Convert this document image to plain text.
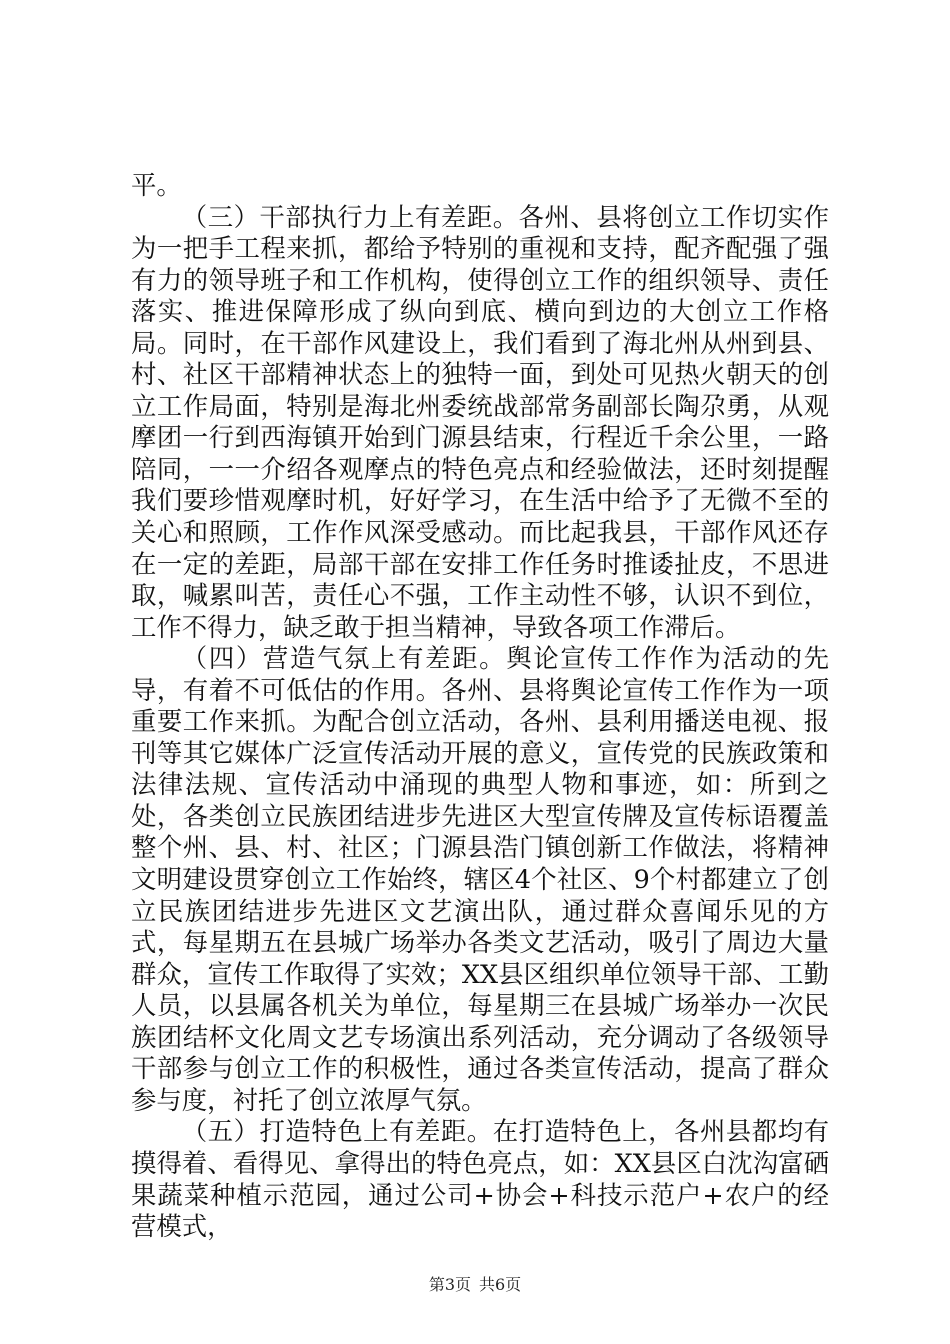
平。

（三）干部执行力上有差距。各州、县将创立工作切实作为一把手工程来抓，都给予特别的重视和支持，配齐配强了强有力的领导班子和工作机构，使得创立工作的组织领导、责任落实、推进保障形成了纵向到底、横向到边的大创立工作格局。同时，在干部作风建设上，我们看到了海北州从州到县、村、社区干部精神状态上的独特一面，到处可见热火朝天的创立工作局面，特别是海北州委统战部常务副部长陶尕勇，从观摩团一行到西海镇开始到门源县结束，行程近千余公里，一路陪同，一一介绍各观摩点的特色亮点和经验做法，还时刻提醒我们要珍惜观摩时机，好好学习，在生活中给予了无微不至的关心和照顾，工作作风深受感动。而比起我县，干部作风还存在一定的差距，局部干部在安排工作任务时推诿扯皮，不思进取，喊累叫苦，责任心不强，工作主动性不够，认识不到位，工作不得力，缺乏敢于担当精神，导致各项工作滞后。

（四）营造气氛上有差距。舆论宣传工作作为活动的先导，有着不可低估的作用。各州、县将舆论宣传工作作为一项重要工作来抓。为配合创立活动，各州、县利用播送电视、报刊等其它媒体广泛宣传活动开展的意义，宣传党的民族政策和法律法规、宣传活动中涌现的典型人物和事迹，如：所到之处，各类创立民族团结进步先进区大型宣传牌及宣传标语覆盖整个州、县、村、社区；门源县浩门镇创新工作做法，将精神文明建设贯穿创立工作始终，辖区4个社区、9个村都建立了创立民族团结进步先进区文艺演出队，通过群众喜闻乐见的方式，每星期五在县城广场举办各类文艺活动，吸引了周边大量群众，宣传工作取得了实效；XX县区组织单位领导干部、工勤人员，以县属各机关为单位，每星期三在县城广场举办一次民族团结杯文化周文艺专场演出系列活动，充分调动了各级领导干部参与创立工作的积极性，通过各类宣传活动，提高了群众参与度，衬托了创立浓厚气氛。

（五）打造特色上有差距。在打造特色上，各州县都均有摸得着、看得见、拿得出的特色亮点，如：XX县区白沈沟富硒果蔬菜种植示范园，通过公司+协会+科技示范户+农户的经营模式，

第3页 共6页
